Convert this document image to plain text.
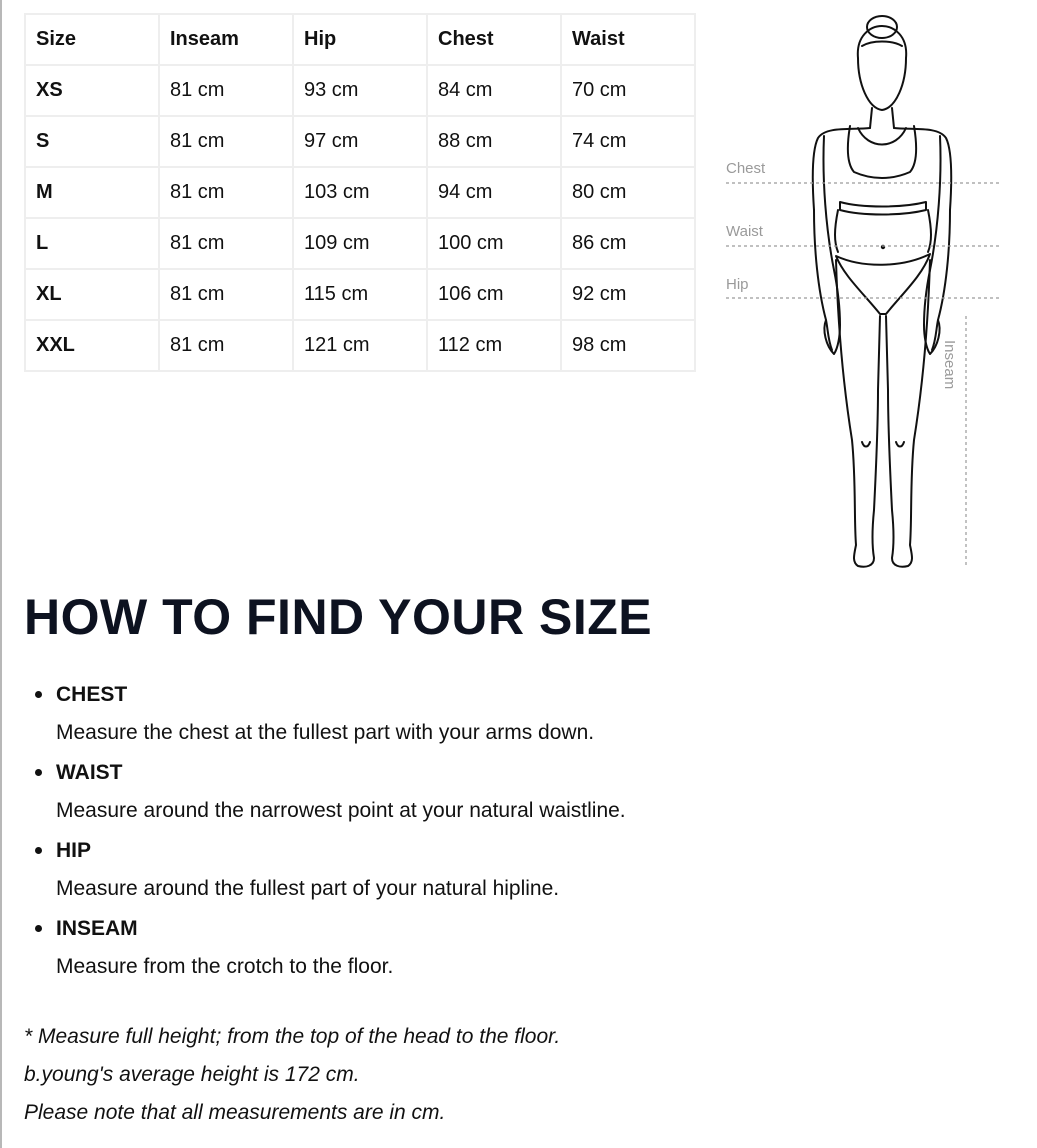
Size	Inseam	Hip	Chest	Waist
XS	81 cm	93 cm	84 cm	70 cm
S	81 cm	97 cm	88 cm	74 cm
M	81 cm	103 cm	94 cm	80 cm
L	81 cm	109 cm	100 cm	86 cm
XL	81 cm	115 cm	106 cm	92 cm
XXL	81 cm	121 cm	112 cm	98 cm
Chest
Waist
Hip
Inseam
HOW TO FIND YOUR SIZE
CHEST
Measure the chest at the fullest part with your arms down.
WAIST
Measure around the narrowest point at your natural waistline.
HIP
Measure around the fullest part of your natural hipline.
INSEAM
Measure from the crotch to the floor.
* Measure full height; from the top of the head to the floor.
b.young's average height is 172 cm.
Please note that all measurements are in cm.
